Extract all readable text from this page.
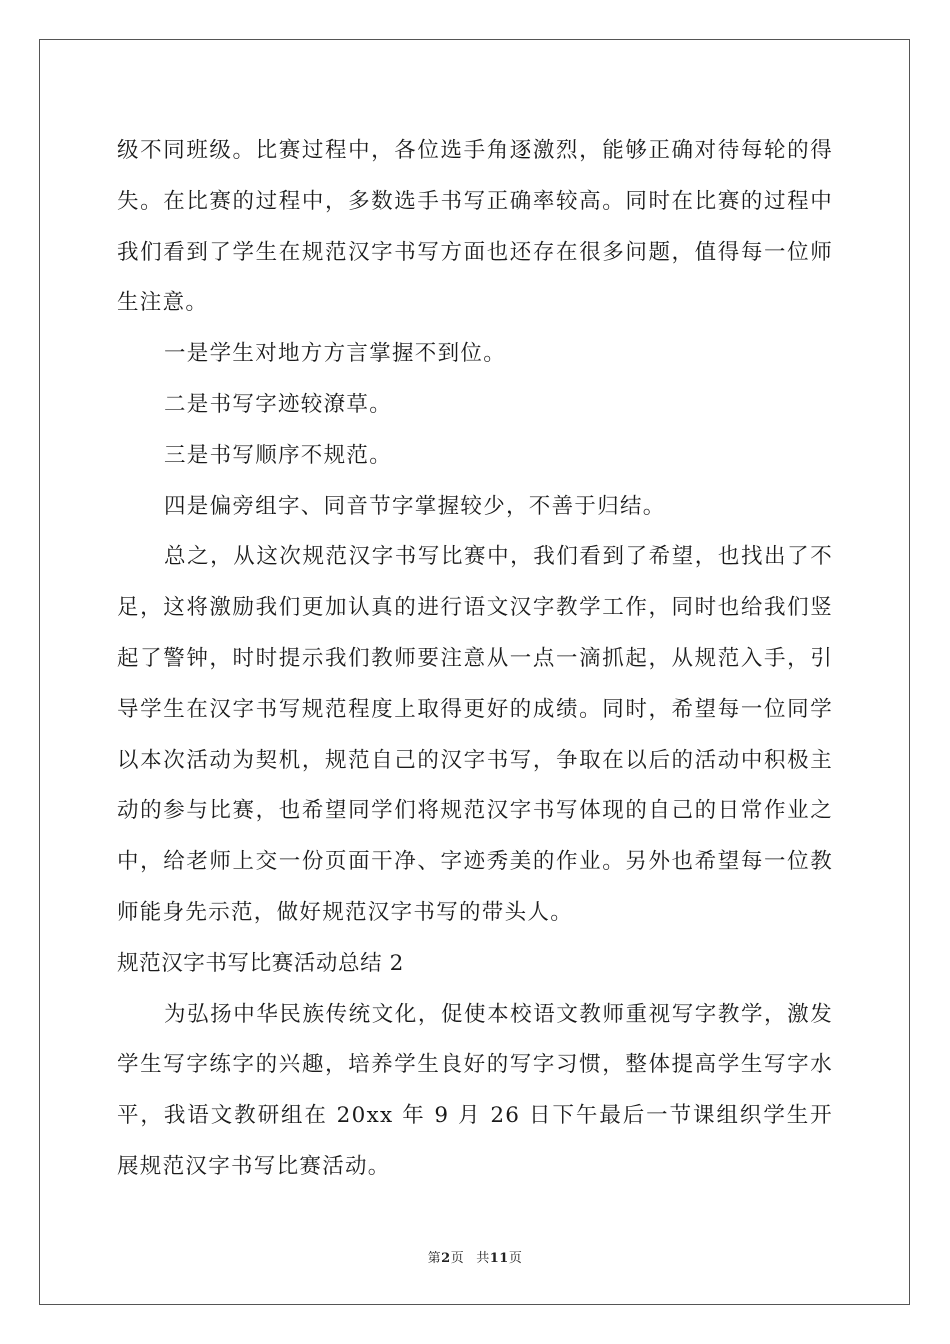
级不同班级。比赛过程中，各位选手角逐激烈，能够正确对待每轮的得失。在比赛的过程中，多数选手书写正确率较高。同时在比赛的过程中我们看到了学生在规范汉字书写方面也还存在很多问题，值得每一位师生注意。

一是学生对地方方言掌握不到位。

二是书写字迹较潦草。

三是书写顺序不规范。

四是偏旁组字、同音节字掌握较少，不善于归结。

总之，从这次规范汉字书写比赛中，我们看到了希望，也找出了不足，这将激励我们更加认真的进行语文汉字教学工作，同时也给我们竖起了警钟，时时提示我们教师要注意从一点一滴抓起，从规范入手，引导学生在汉字书写规范程度上取得更好的成绩。同时，希望每一位同学以本次活动为契机，规范自己的汉字书写，争取在以后的活动中积极主动的参与比赛，也希望同学们将规范汉字书写体现的自己的日常作业之中，给老师上交一份页面干净、字迹秀美的作业。另外也希望每一位教师能身先示范，做好规范汉字书写的带头人。

规范汉字书写比赛活动总结 2

为弘扬中华民族传统文化，促使本校语文教师重视写字教学，激发学生写字练字的兴趣，培养学生良好的写字习惯，整体提高学生写字水平，我语文教研组在 20xx 年 9 月 26 日下午最后一节课组织学生开展规范汉字书写比赛活动。

第2页 共11页
